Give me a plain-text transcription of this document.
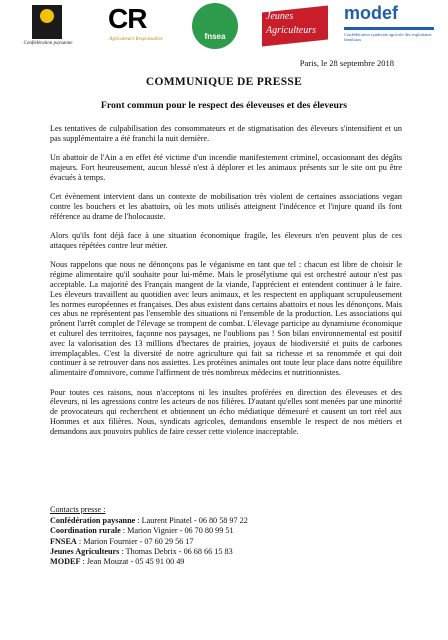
Confédération paysanne
CR
Agriculteurs Responsables	fnsea
Jeunes
Agriculteurs
modef
Confédération syndicale agricole des exploitants familiaux
Paris, le 28 septembre 2018
COMMUNIQUE DE PRESSE
Front commun pour le respect des éleveuses et des éleveurs

Les tentatives de culpabilisation des consommateurs et de stigmatisation des éleveurs s'intensifient et un pas supplémentaire a été franchi la nuit dernière.

Un abattoir de l'Ain a en effet été victime d'un incendie manifestement criminel, occasionnant des dégâts majeurs. Fort heureusement, aucun blessé n'est à déplorer et les animaux présents sur le site ont pu être évacués à temps.

Cet évènement intervient dans un contexte de mobilisation très violent de certaines associations vegan contre les bouchers et les abattoirs, où les mots utilisés atteignent l'indécence et l'injure quand ils font référence au drame de l'holocauste.

Alors qu'ils font déjà face à une situation économique fragile, les éleveurs n'en peuvent plus de ces attaques répétées contre leur métier.

Nous rappelons que nous ne dénonçons pas le véganisme en tant que tel : chacun est libre de choisir le régime alimentaire qu'il souhaite pour lui-même. Mais le prosélytisme qui est orchestré autour n'est pas acceptable. La majorité des Français mangent de la viande, l'apprécient et entendent continuer à le faire. Les éleveurs travaillent au quotidien avec leurs animaux, et les respectent en appliquant scrupuleusement les normes européennes et françaises. Des abus existent dans certains abattoirs et nous les dénonçons. Mais ces abus ne représentent pas l'ensemble des situations ni l'ensemble de la production. Les associations qui prônent l'arrêt complet de l'élevage se trompent de combat. L'élevage participe au dynamisme économique et culturel des territoires, façonne nos paysages, ne l'oublions pas ! Son bilan environnemental est positif avec la valorisation des 13 millions d'hectares de prairies, joyaux de biodiversité et puits de carbones irremplaçables. C'est la diversité de notre agriculture qui fait sa richesse et sa renommée et qui doit continuer à se retrouver dans nos assiettes. Les protéines animales ont toute leur place dans notre équilibre alimentaire d'omnivore, comme l'affirment de très nombreux médecins et nutritionnistes.

Pour toutes ces raisons, nous n'acceptons ni les insultes proférées en direction des éleveuses et des éleveurs, ni les agressions contre les acteurs de nos filières. D'autant qu'elles sont menées par une minorité de provocateurs qui recherchent et obtiennent un écho médiatique démesuré et causent un tort réel aux Hommes et aux filières. Nous, syndicats agricoles, demandons ensemble le respect de nos métiers et demandons aux pouvoirs publics de faire cesser cette violence inacceptable.

Contacts presse :
Confédération paysanne : Laurent Pinatel - 06 80 58 97 22
Coordination rurale : Marion Vignier - 06 70 80 99 51
FNSEA : Marion Fournier - 07 60 29 56 17
Jeunes Agriculteurs : Thomas Debrix - 06 68 66 15 83
MODEF : Jean Mouzat - 05 45 91 00 49
